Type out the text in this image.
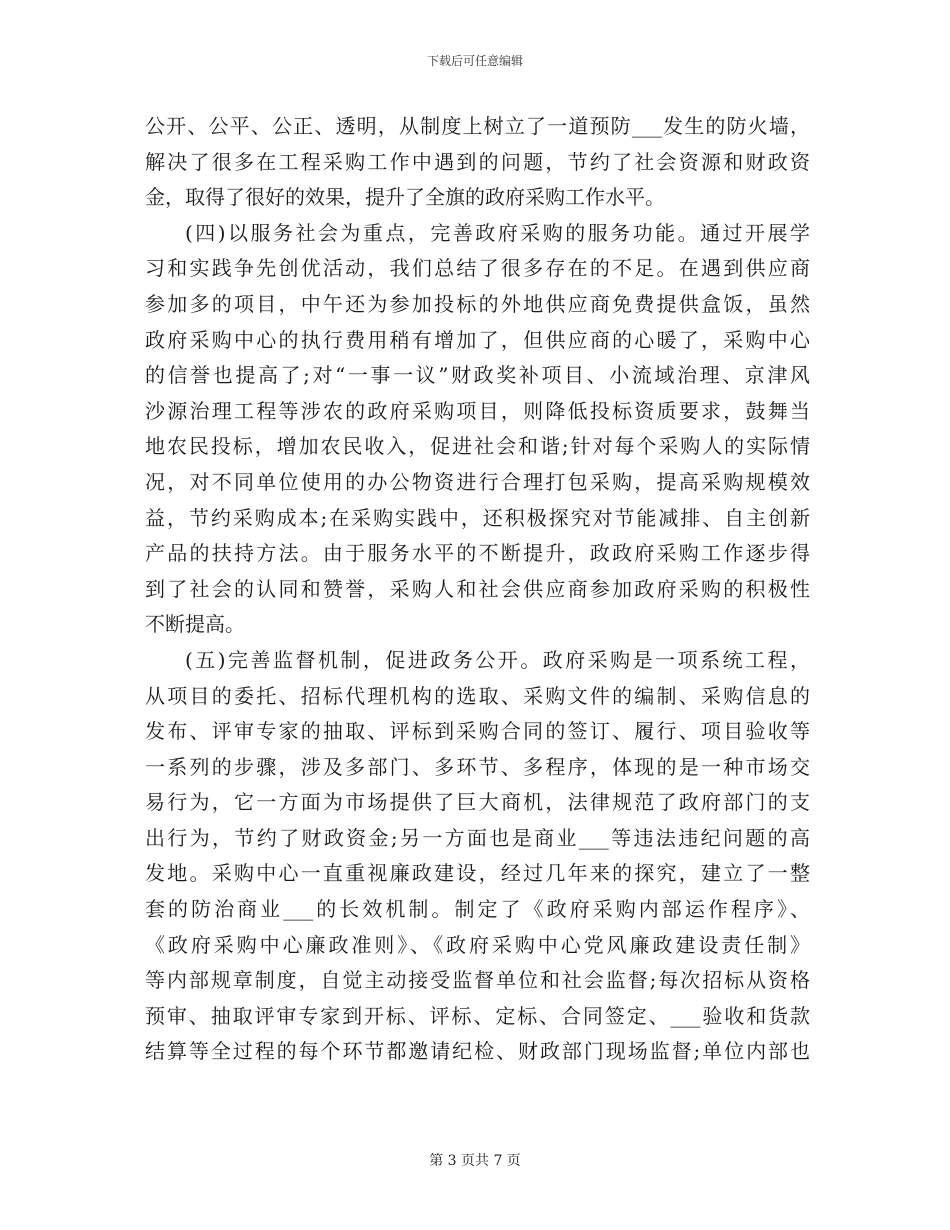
下载后可任意编辑
公开、公平、公正、透明，从制度上树立了一道预防___发生的防火墙，
解决了很多在工程采购工作中遇到的问题，节约了社会资源和财政资
金，取得了很好的效果，提升了全旗的政府采购工作水平。
(四)以服务社会为重点，完善政府采购的服务功能。通过开展学
习和实践争先创优活动，我们总结了很多存在的不足。在遇到供应商
参加多的项目，中午还为参加投标的外地供应商免费提供盒饭，虽然
政府采购中心的执行费用稍有增加了，但供应商的心暖了，采购中心
的信誉也提高了;对“一事一议”财政奖补项目、小流域治理、京津风
沙源治理工程等涉农的政府采购项目，则降低投标资质要求，鼓舞当
地农民投标，增加农民收入，促进社会和谐;针对每个采购人的实际情
况，对不同单位使用的办公物资进行合理打包采购，提高采购规模效
益，节约采购成本;在采购实践中，还积极探究对节能减排、自主创新
产品的扶持方法。由于服务水平的不断提升，政政府采购工作逐步得
到了社会的认同和赞誉，采购人和社会供应商参加政府采购的积极性
不断提高。
(五)完善监督机制，促进政务公开。政府采购是一项系统工程，
从项目的委托、招标代理机构的选取、采购文件的编制、采购信息的
发布、评审专家的抽取、评标到采购合同的签订、履行、项目验收等
一系列的步骤，涉及多部门、多环节、多程序，体现的是一种市场交
易行为，它一方面为市场提供了巨大商机，法律规范了政府部门的支
出行为，节约了财政资金;另一方面也是商业___等违法违纪问题的高
发地。采购中心一直重视廉政建设，经过几年来的探究，建立了一整
套的防治商业___的长效机制。制定了《政府采购内部运作程序》、
《政府采购中心廉政准则》、《政府采购中心党风廉政建设责任制》
等内部规章制度，自觉主动接受监督单位和社会监督;每次招标从资格
预审、抽取评审专家到开标、评标、定标、合同签定、___验收和货款
结算等全过程的每个环节都邀请纪检、财政部门现场监督;单位内部也
第 3 页共 7 页
